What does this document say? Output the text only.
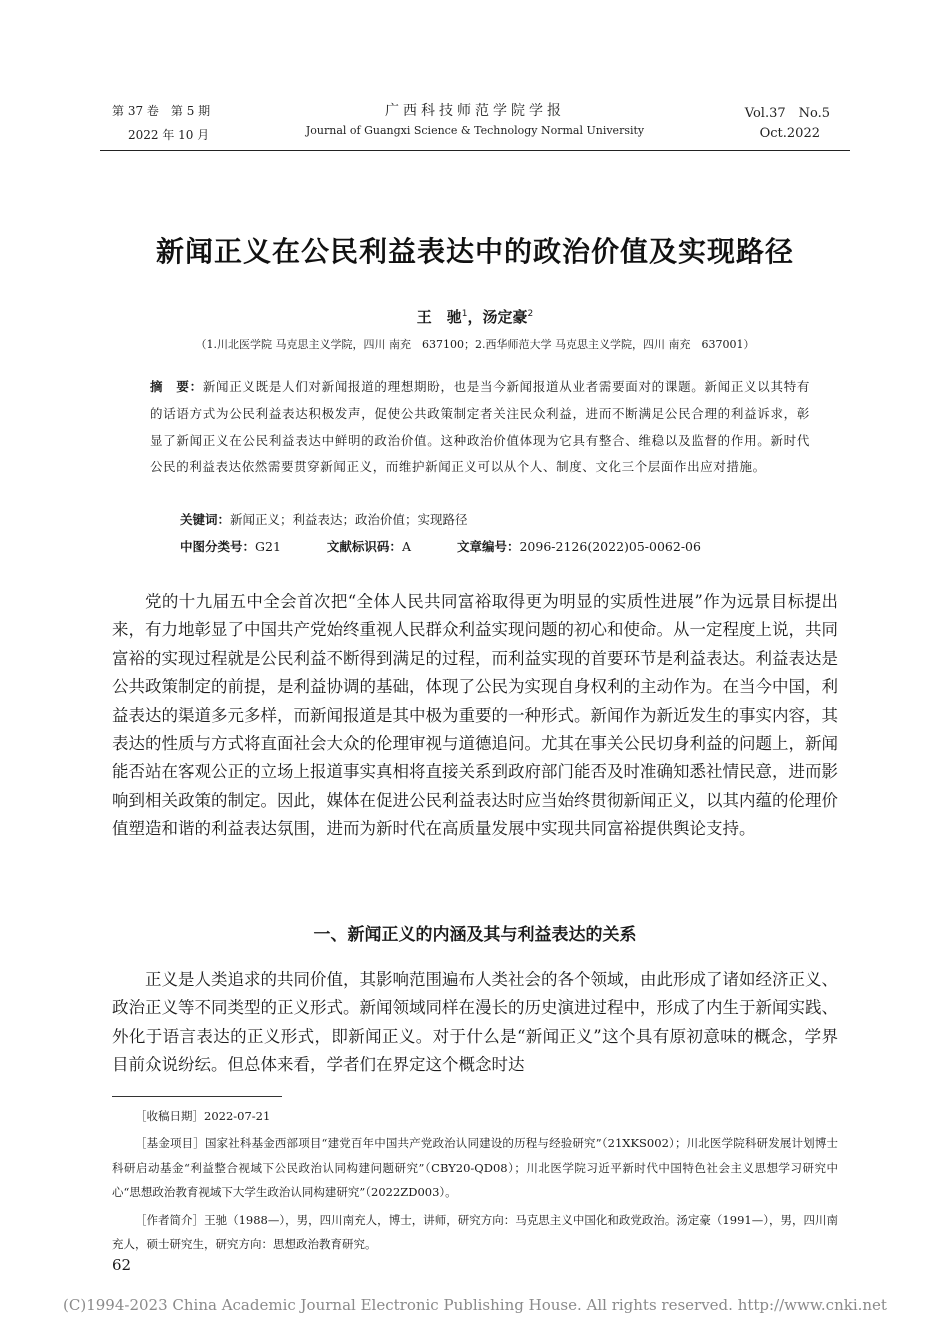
第 37 卷　第 5 期
2022 年 10 月
广西科技师范学院学报
Journal of Guangxi Science & Technology Normal University
Vol.37　No.5
Oct.2022
新闻正义在公民利益表达中的政治价值及实现路径
王　驰$^1$，汤定豪$^2$
（1.川北医学院 马克思主义学院，四川 南充　637100；2.西华师范大学 马克思主义学院，四川 南充　637001）
摘　要：新闻正义既是人们对新闻报道的理想期盼，也是当今新闻报道从业者需要面对的课题。新闻正义以其特有的话语方式为公民利益表达积极发声，促使公共政策制定者关注民众利益，进而不断满足公民合理的利益诉求，彰显了新闻正义在公民利益表达中鲜明的政治价值。这种政治价值体现为它具有整合、维稳以及监督的作用。新时代公民的利益表达依然需要贯穿新闻正义，而维护新闻正义可以从个人、制度、文化三个层面作出应对措施。
关键词：新闻正义；利益表达；政治价值；实现路径
中图分类号：G21	文献标识码：A	文章编号：2096-2126(2022)05-0062-06

党的十九届五中全会首次把“全体人民共同富裕取得更为明显的实质性进展”作为远景目标提出来，有力地彰显了中国共产党始终重视人民群众利益实现问题的初心和使命。从一定程度上说，共同富裕的实现过程就是公民利益不断得到满足的过程，而利益实现的首要环节是利益表达。利益表达是公共政策制定的前提，是利益协调的基础，体现了公民为实现自身权利的主动作为。在当今中国，利益表达的渠道多元多样，而新闻报道是其中极为重要的一种形式。新闻作为新近发生的事实内容，其表达的性质与方式将直面社会大众的伦理审视与道德追问。尤其在事关公民切身利益的问题上，新闻能否站在客观公正的立场上报道事实真相将直接关系到政府部门能否及时准确知悉社情民意，进而影响到相关政策的制定。因此，媒体在促进公民利益表达时应当始终贯彻新闻正义，以其内蕴的伦理价值塑造和谐的利益表达氛围，进而为新时代在高质量发展中实现共同富裕提供舆论支持。

一、新闻正义的内涵及其与利益表达的关系

正义是人类追求的共同价值，其影响范围遍布人类社会的各个领域，由此形成了诸如经济正义、政治正义等不同类型的正义形式。新闻领域同样在漫长的历史演进过程中，形成了内生于新闻实践、外化于语言表达的正义形式，即新闻正义。对于什么是“新闻正义”这个具有原初意味的概念，学界目前众说纷纭。但总体来看，学者们在界定这个概念时达

［收稿日期］2022-07-21

［基金项目］国家社科基金西部项目“建党百年中国共产党政治认同建设的历程与经验研究”（21XKS002）；川北医学院科研发展计划博士科研启动基金“利益整合视域下公民政治认同构建问题研究”（CBY20-QD08）；川北医学院习近平新时代中国特色社会主义思想学习研究中心“思想政治教育视域下大学生政治认同构建研究”（2022ZD003）。

［作者简介］王驰（1988—），男，四川南充人，博士，讲师，研究方向：马克思主义中国化和政党政治。汤定豪（1991—），男，四川南充人，硕士研究生，研究方向：思想政治教育研究。

62
(C)1994-2023 China Academic Journal Electronic Publishing House. All rights reserved. http://www.cnki.net
